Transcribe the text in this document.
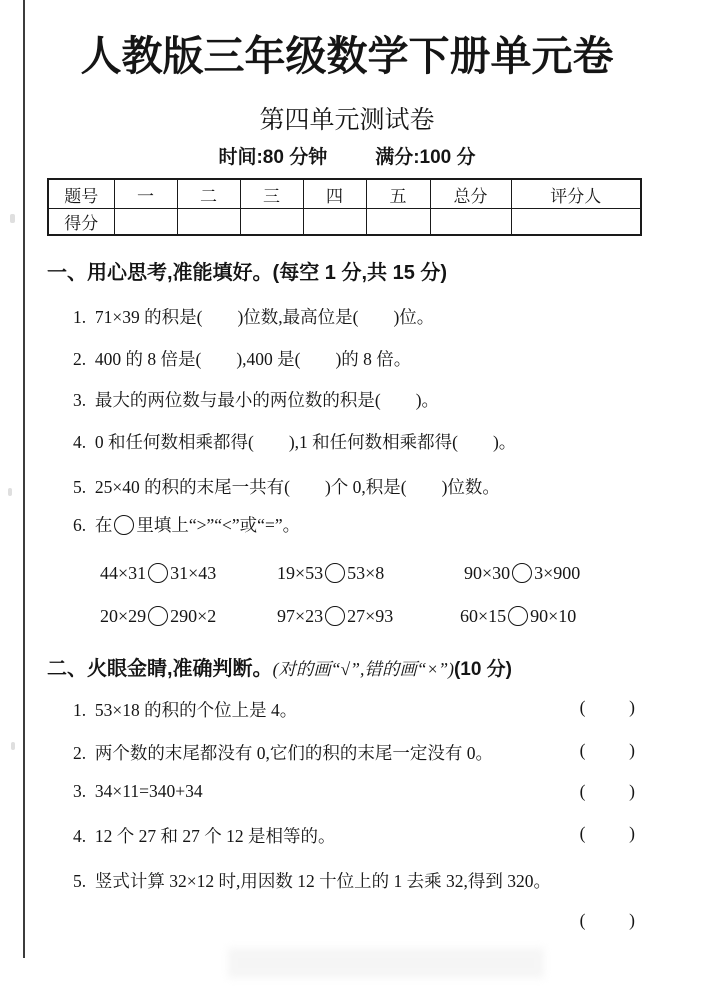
人教版三年级数学下册单元卷
第四单元测试卷
时间:80 分钟	满分:100 分
题号	一	二	三	四	五	总分	评分人
得分							
一、用心思考,准能填好。(每空 1 分,共 15 分)
1.  71×39 的积是(        )位数,最高位是(        )位。
2.  400 的 8 倍是(        ),400 是(        )的 8 倍。
3.  最大的两位数与最小的两位数的积是(        )。
4.  0 和任何数相乘都得(        ),1 和任何数相乘都得(        )。
5.  25×40 的积的末尾一共有(        )个 0,积是(        )位数。
6.  在 里填上“>”“<”或“=”。
44×31 31×43	19×53 53×8	90×30 3×900
20×29 290×2	97×23 27×93	60×15 90×10
二、火眼金睛,准确判断。(对的画“√”,错的画“×”)(10 分)
1.  53×18 的积的个位上是 4。	(          )
2.  两个数的末尾都没有 0,它们的积的末尾一定没有 0。	(          )
3.  34×11=340+34	(          )
4.  12 个 27 和 27 个 12 是相等的。	(          )
5.  竖式计算 32×12 时,用因数 12 十位上的 1 去乘 32,得到 320。
(          )
